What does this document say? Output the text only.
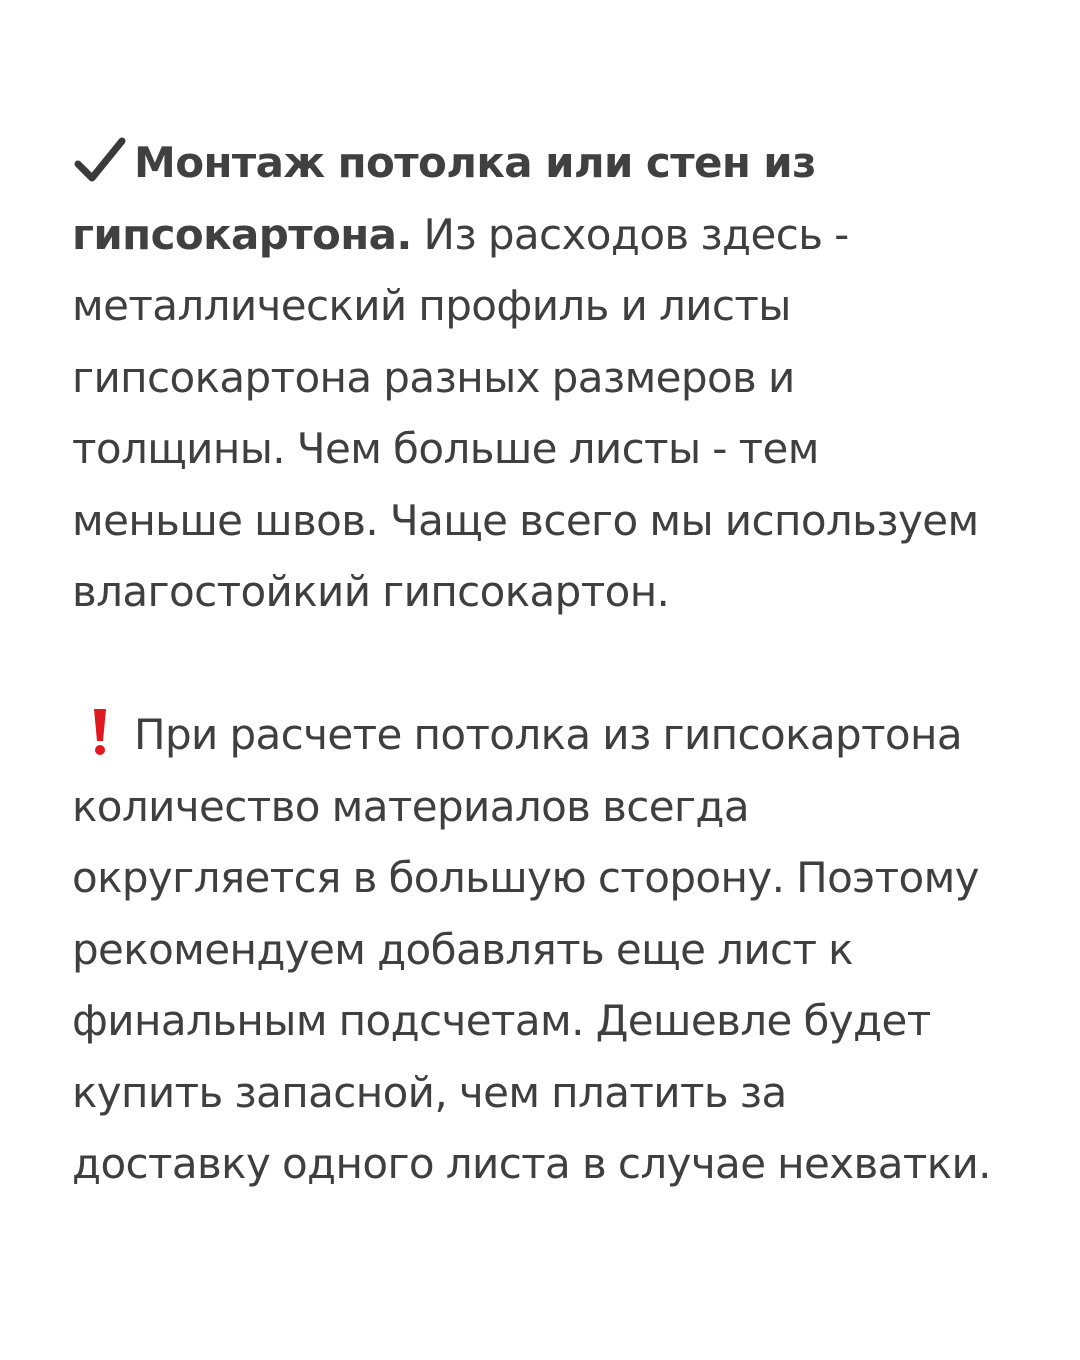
Монтаж потолка или стен из
гипсокартона. Из расходов здесь -
металлический профиль и листы
гипсокартона разных размеров и
толщины. Чем больше листы - тем
меньше швов. Чаще всего мы используем
влагостойкий гипсокартон.
При расчете потолка из гипсокартона
количество материалов всегда
округляется в большую сторону. Поэтому
рекомендуем добавлять еще лист к
финальным подсчетам. Дешевле будет
купить запасной, чем платить за
доставку одного листа в случае нехватки.
